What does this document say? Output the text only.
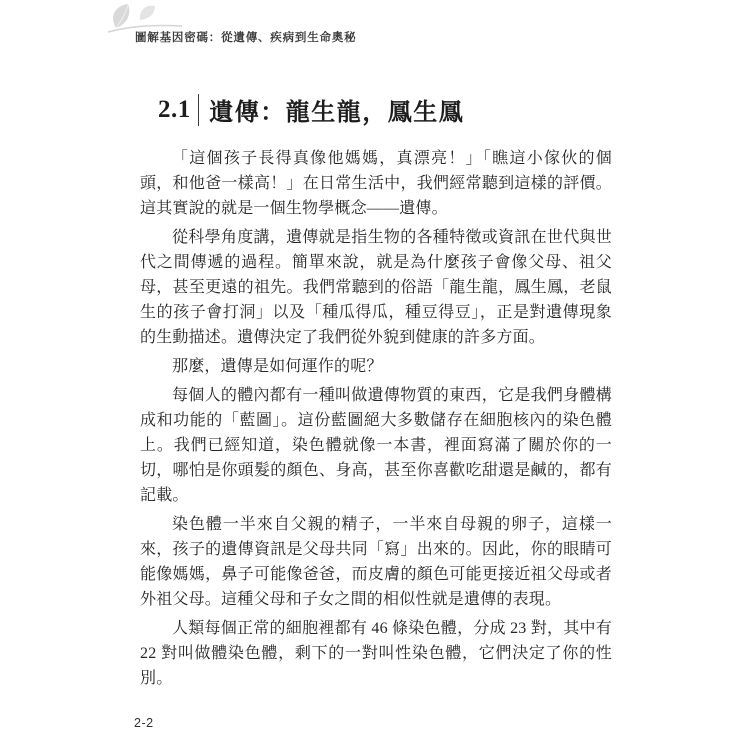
圖解基因密碼：從遺傳、疾病到生命奧秘
2.1 遺傳：龍生龍，鳳生鳳

「這個孩子長得真像他媽媽，真漂亮！」「瞧這小傢伙的個頭，和他爸一樣高！」在日常生活中，我們經常聽到這樣的評價。這其實說的就是一個生物學概念——遺傳。

從科學角度講，遺傳就是指生物的各種特徵或資訊在世代與世代之間傳遞的過程。簡單來說，就是為什麼孩子會像父母、祖父母，甚至更遠的祖先。我們常聽到的俗語「龍生龍，鳳生鳳，老鼠生的孩子會打洞」以及「種瓜得瓜，種豆得豆」，正是對遺傳現象的生動描述。遺傳決定了我們從外貌到健康的許多方面。

那麼，遺傳是如何運作的呢？

每個人的體內都有一種叫做遺傳物質的東西，它是我們身體構成和功能的「藍圖」。這份藍圖絕大多數儲存在細胞核內的染色體上。我們已經知道，染色體就像一本書，裡面寫滿了關於你的一切，哪怕是你頭髮的顏色、身高，甚至你喜歡吃甜還是鹹的，都有記載。

染色體一半來自父親的精子，一半來自母親的卵子，這樣一來，孩子的遺傳資訊是父母共同「寫」出來的。因此，你的眼睛可能像媽媽，鼻子可能像爸爸，而皮膚的顏色可能更接近祖父母或者外祖父母。這種父母和子女之間的相似性就是遺傳的表現。

人類每個正常的細胞裡都有 46 條染色體，分成 23 對，其中有 22 對叫做體染色體，剩下的一對叫性染色體，它們決定了你的性別。

2-2
